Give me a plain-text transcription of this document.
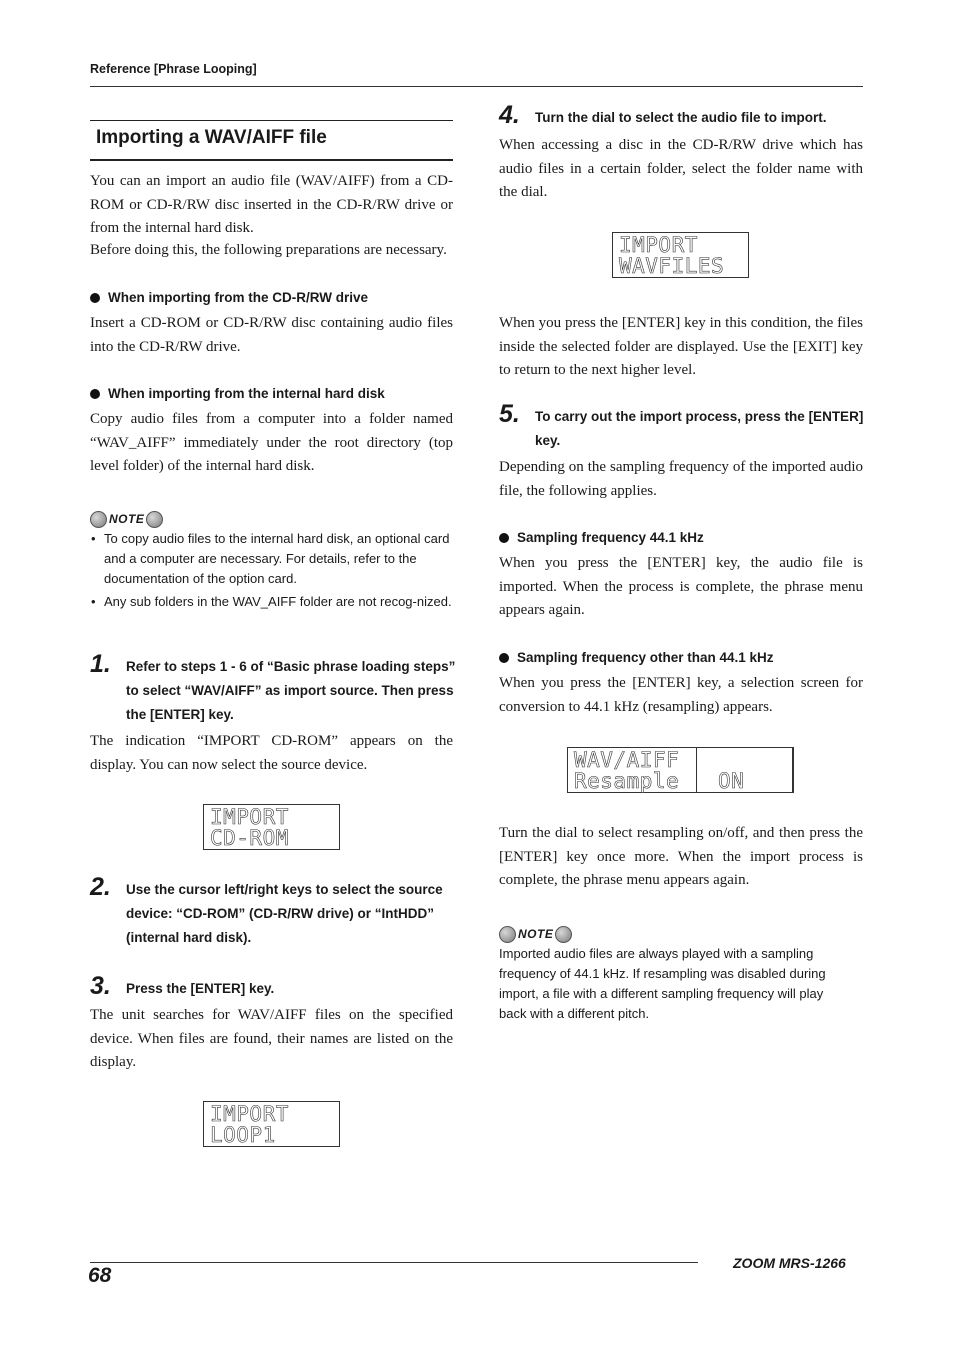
Reference [Phrase Looping]
Importing a WAV/AIFF file
You can an import an audio file (WAV/AIFF) from a CD-ROM or CD-R/RW disc inserted in the CD-R/RW drive or from the internal hard disk.
Before doing this, the following preparations are necessary.
When importing from the CD-R/RW drive
Insert a CD-ROM or CD-R/RW disc containing audio files into the CD-R/RW drive.
When importing from the internal hard disk
Copy audio files from a computer into a folder named “WAV_AIFF” immediately under the root directory (top level folder) of the internal hard disk.
NOTE
• To copy audio files to the internal hard disk, an optional card and a computer are necessary. For details, refer to the documentation of the option card.
• Any sub folders in the WAV_AIFF folder are not recog-nized.
1. Refer to steps 1 - 6 of “Basic phrase loading steps” to select “WAV/AIFF” as import source. Then press the [ENTER] key.
The indication “IMPORT CD-ROM” appears on the display. You can now select the source device.
IMPORT
CD-ROM
2. Use the cursor left/right keys to select the source device: “CD-ROM” (CD-R/RW drive) or “IntHDD” (internal hard disk).
3. Press the [ENTER] key.
The unit searches for WAV/AIFF files on the specified device. When files are found, their names are listed on the display.
IMPORT
LOOP1
4. Turn the dial to select the audio file to import.
When accessing a disc in the CD-R/RW drive which has audio files in a certain folder, select the folder name with the dial.
IMPORT
WAVFILES
When you press the [ENTER] key in this condition, the files inside the selected folder are displayed. Use the [EXIT] key to return to the next higher level.
5. To carry out the import process, press the [ENTER] key.
Depending on the sampling frequency of the imported audio file, the following applies.
Sampling frequency 44.1 kHz
When you press the [ENTER] key, the audio file is imported. When the process is complete, the phrase menu appears again.
Sampling frequency other than 44.1 kHz
When you press the [ENTER] key, a selection screen for conversion to 44.1 kHz (resampling) appears.
WAV/AIFF
Resample ON
Turn the dial to select resampling on/off, and then press the [ENTER] key once more. When the import process is complete, the phrase menu appears again.
NOTE
Imported audio files are always played with a sampling frequency of 44.1 kHz. If resampling was disabled during import, a file with a different sampling frequency will play back with a different pitch.
68
ZOOM MRS-1266
